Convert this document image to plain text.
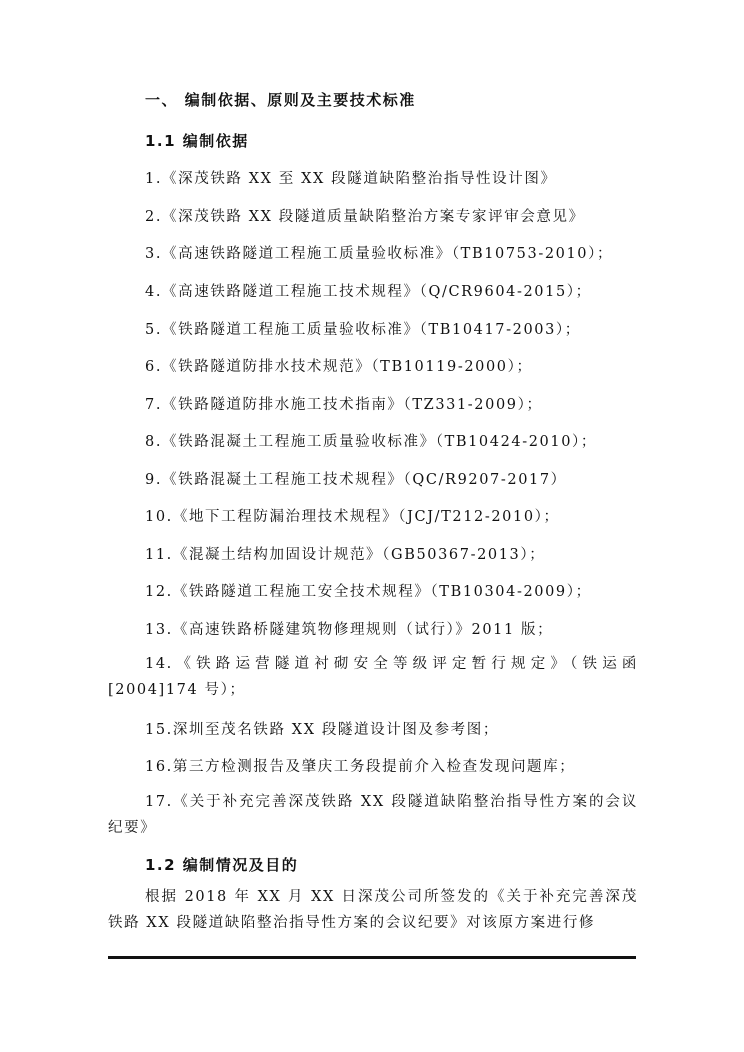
一、 编制依据、原则及主要技术标准
1.1 编制依据
1.《深茂铁路 XX 至 XX 段隧道缺陷整治指导性设计图》
2.《深茂铁路 XX 段隧道质量缺陷整治方案专家评审会意见》
3.《高速铁路隧道工程施工质量验收标准》（TB10753-2010）；
4.《高速铁路隧道工程施工技术规程》（Q/CR9604-2015）；
5.《铁路隧道工程施工质量验收标准》（TB10417-2003）；
6.《铁路隧道防排水技术规范》（TB10119-2000）；
7.《铁路隧道防排水施工技术指南》（TZ331-2009）；
8.《铁路混凝土工程施工质量验收标准》（TB10424-2010）；
9.《铁路混凝土工程施工技术规程》（QC/R9207-2017）
10.《地下工程防漏治理技术规程》（JCJ/T212-2010）；
11.《混凝土结构加固设计规范》（GB50367-2013）；
12.《铁路隧道工程施工安全技术规程》（TB10304-2009）；
13.《高速铁路桥隧建筑物修理规则（试行）》2011 版；
14.《铁路运营隧道衬砌安全等级评定暂行规定》（铁运函[2004]174 号）；
15.深圳至茂名铁路 XX 段隧道设计图及参考图；
16.第三方检测报告及肇庆工务段提前介入检查发现问题库；
17.《关于补充完善深茂铁路 XX 段隧道缺陷整治指导性方案的会议纪要》
1.2 编制情况及目的
根据 2018 年 XX 月 XX 日深茂公司所签发的《关于补充完善深茂铁路 XX 段隧道缺陷整治指导性方案的会议纪要》对该原方案进行修
